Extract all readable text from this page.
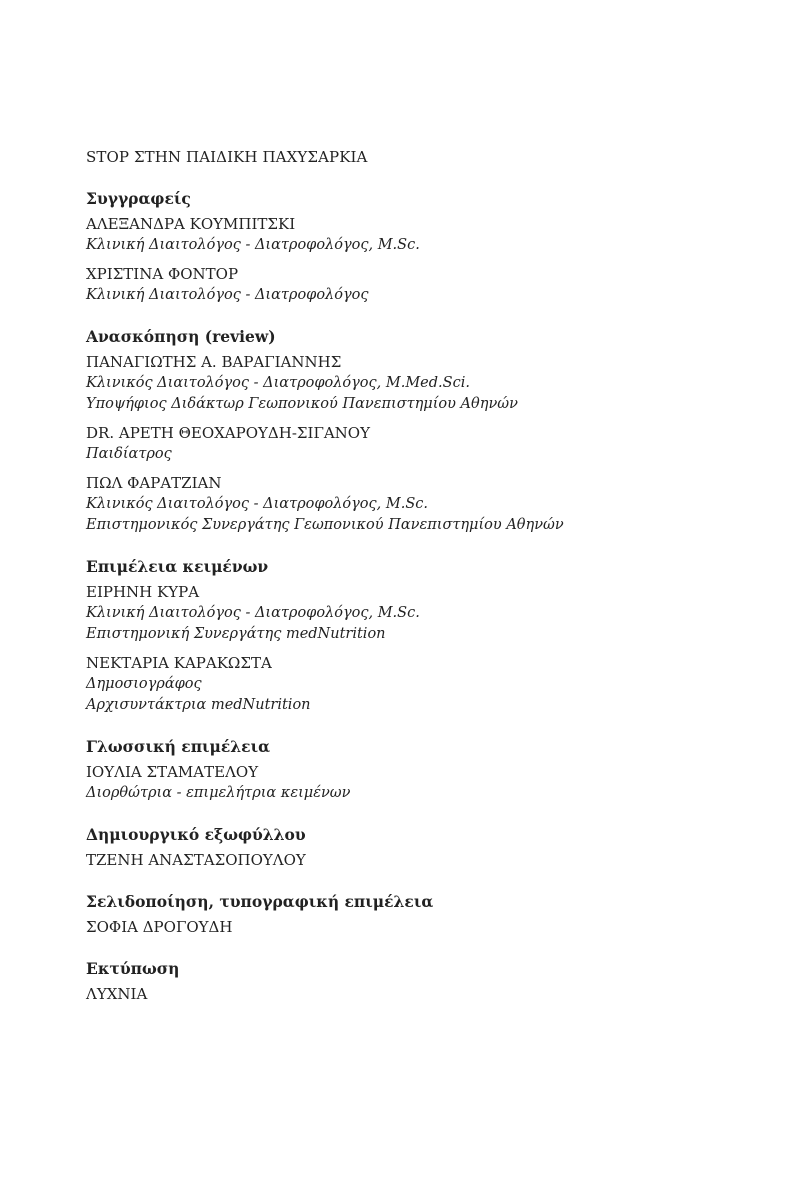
STOP ΣΤΗΝ ΠΑΙΔΙΚΗ ΠΑΧΥΣΑΡΚΙΑ
Συγγραφείς
ΑΛΕΞΑΝΔΡΑ ΚΟΥΜΠΙΤΣΚΙ
Κλινική Διαιτολόγος - Διατροφολόγος, M.Sc.
ΧΡΙΣΤΙΝΑ ΦΟΝΤΟΡ
Κλινική Διαιτολόγος - Διατροφολόγος
Ανασκόπηση (review)
ΠΑΝΑΓΙΩΤΗΣ Α. ΒΑΡΑΓΙΑΝΝΗΣ
Κλινικός Διαιτολόγος - Διατροφολόγος, M.Med.Sci.
Υποψήφιος Διδάκτωρ Γεωπονικού Πανεπιστημίου Αθηνών
DR. ΑΡΕΤΗ ΘΕΟΧΑΡΟΥΔΗ-ΣΙΓΑΝΟΥ
Παιδίατρος
ΠΩΛ ΦΑΡΑΤΖΙΑΝ
Κλινικός Διαιτολόγος - Διατροφολόγος, M.Sc.
Επιστημονικός Συνεργάτης Γεωπονικού Πανεπιστημίου Αθηνών
Επιμέλεια κειμένων
ΕΙΡΗΝΗ ΚΥΡΑ
Κλινική Διαιτολόγος - Διατροφολόγος, M.Sc.
Επιστημονική Συνεργάτης medNutrition
ΝΕΚΤΑΡΙΑ ΚΑΡΑΚΩΣΤΑ
Δημοσιογράφος
Αρχισυντάκτρια medNutrition
Γλωσσική επιμέλεια
ΙΟΥΛΙΑ ΣΤΑΜΑΤΕΛΟΥ
Διορθώτρια - επιμελήτρια κειμένων
Δημιουργικό εξωφύλλου
ΤΖΕΝΗ ΑΝΑΣΤΑΣΟΠΟΥΛΟΥ
Σελιδοποίηση, τυπογραφική επιμέλεια
ΣΟΦΙΑ ΔΡΟΓΟΥΔΗ
Εκτύπωση
ΛΥΧΝΙΑ
